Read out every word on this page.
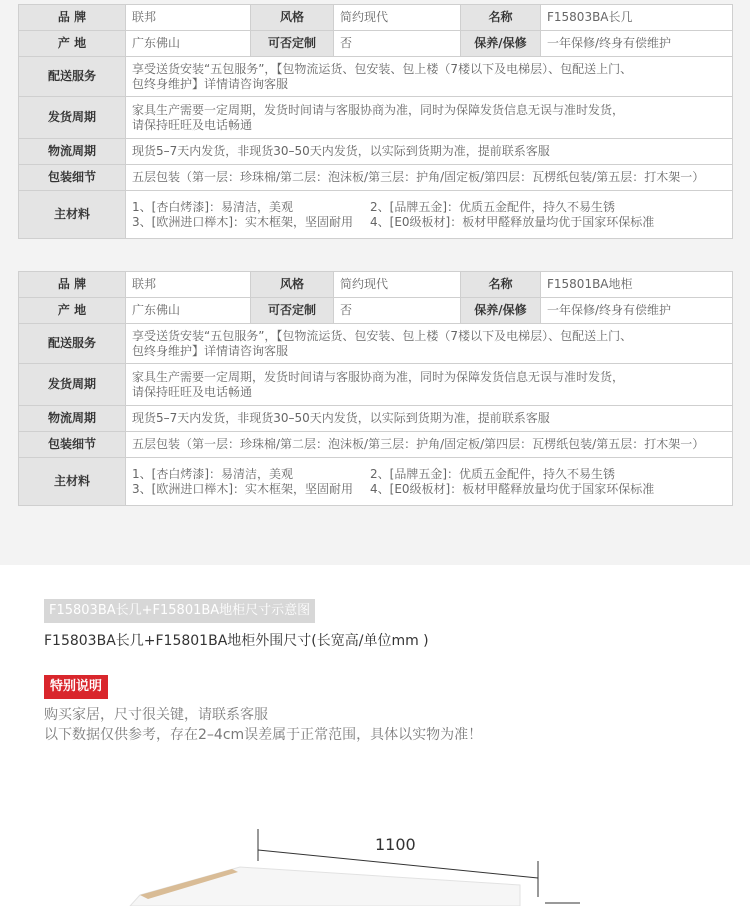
品 牌	联邦	风格	简约现代	名称	F15803BA长几
产 地	广东佛山	可否定制	否	保养/保修	一年保修/终身有偿维护
配送服务	享受送货安装“五包服务”，【包物流运货、包安装、包上楼（7楼以下及电梯层）、包配送上门、
包终身维护】详情请咨询客服				

发货周期	家具生产需要一定周期，发货时间请与客服协商为准，同时为保障发货信息无误与准时发货，
请保持旺旺及电话畅通				

物流周期	现货5–7天内发货，非现货30–50天内发货，以实际到货期为准，提前联系客服				
包装细节	五层包装（第一层：珍珠棉/第二层：泡沫板/第三层：护角/固定板/第四层：瓦楞纸包装/第五层：打木架一）				
主材料	1、[杏白烤漆]：易清洁，美观 2、[品牌五金]：优质五金配件，持久不易生锈
3、[欧洲进口榉木]：实木框架，坚固耐用 4、[E0级板材]：板材甲醛释放量均优于国家环保标准				
品 牌	联邦	风格	简约现代	名称	F15801BA地柜
产 地	广东佛山	可否定制	否	保养/保修	一年保修/终身有偿维护
配送服务	享受送货安装“五包服务”，【包物流运货、包安装、包上楼（7楼以下及电梯层）、包配送上门、
包终身维护】详情请咨询客服				

发货周期	家具生产需要一定周期，发货时间请与客服协商为准，同时为保障发货信息无误与准时发货，
请保持旺旺及电话畅通				

物流周期	现货5–7天内发货，非现货30–50天内发货，以实际到货期为准，提前联系客服				
包装细节	五层包装（第一层：珍珠棉/第二层：泡沫板/第三层：护角/固定板/第四层：瓦楞纸包装/第五层：打木架一）				
主材料	1、[杏白烤漆]：易清洁，美观 2、[品牌五金]：优质五金配件，持久不易生锈
3、[欧洲进口榉木]：实木框架，坚固耐用 4、[E0级板材]：板材甲醛释放量均优于国家环保标准				
F15803BA长几+F15801BA地柜尺寸示意图
F15803BA长几+F15801BA地柜外围尺寸(长宽高/单位mm )
特别说明
购买家居，尺寸很关键，请联系客服
以下数据仅供参考，存在2–4cm误差属于正常范围，具体以实物为准！
1100
